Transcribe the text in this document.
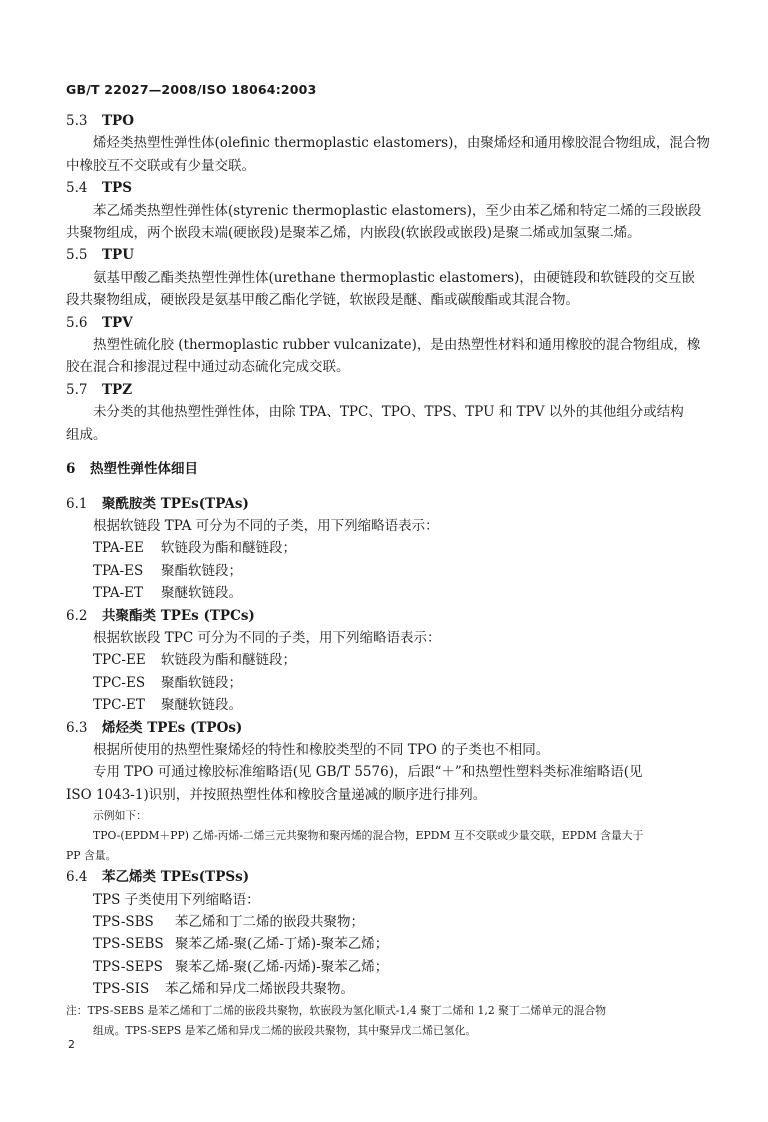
GB/T 22027—2008/ISO 18064:2003
5.3 TPO
烯烃类热塑性弹性体(olefinic thermoplastic elastomers)，由聚烯烃和通用橡胶混合物组成，混合物
中橡胶互不交联或有少量交联。
5.4 TPS
苯乙烯类热塑性弹性体(styrenic thermoplastic elastomers)，至少由苯乙烯和特定二烯的三段嵌段
共聚物组成，两个嵌段末端(硬嵌段)是聚苯乙烯，内嵌段(软嵌段或嵌段)是聚二烯或加氢聚二烯。
5.5 TPU
氨基甲酸乙酯类热塑性弹性体(urethane thermoplastic elastomers)，由硬链段和软链段的交互嵌
段共聚物组成，硬嵌段是氨基甲酸乙酯化学链，软嵌段是醚、酯或碳酸酯或其混合物。
5.6 TPV
热塑性硫化胶 (thermoplastic rubber vulcanizate)，是由热塑性材料和通用橡胶的混合物组成，橡
胶在混合和掺混过程中通过动态硫化完成交联。
5.7 TPZ
未分类的其他热塑性弹性体，由除 TPA、TPC、TPO、TPS、TPU 和 TPV 以外的其他组分或结构
组成。
6 热塑性弹性体细目
6.1 聚酰胺类 TPEs(TPAs)
根据软链段 TPA 可分为不同的子类，用下列缩略语表示：
TPA-EE 软链段为酯和醚链段；
TPA-ES 聚酯软链段；
TPA-ET 聚醚软链段。
6.2 共聚酯类 TPEs (TPCs)
根据软嵌段 TPC 可分为不同的子类，用下列缩略语表示：
TPC-EE 软链段为酯和醚链段；
TPC-ES 聚酯软链段；
TPC-ET 聚醚软链段。
6.3 烯烃类 TPEs (TPOs)
根据所使用的热塑性聚烯烃的特性和橡胶类型的不同 TPO 的子类也不相同。
专用 TPO 可通过橡胶标准缩略语(见 GB/T 5576)，后跟“＋”和热塑性塑料类标准缩略语(见
ISO 1043-1)识别，并按照热塑性体和橡胶含量递减的顺序进行排列。
示例如下：
TPO-(EPDM＋PP) 乙烯-丙烯-二烯三元共聚物和聚丙烯的混合物，EPDM 互不交联或少量交联，EPDM 含量大于
PP 含量。
6.4 苯乙烯类 TPEs(TPSs)
TPS 子类使用下列缩略语：
TPS-SBS 苯乙烯和丁二烯的嵌段共聚物；
TPS-SEBS 聚苯乙烯-聚(乙烯-丁烯)-聚苯乙烯；
TPS-SEPS 聚苯乙烯-聚(乙烯-丙烯)-聚苯乙烯；
TPS-SIS 苯乙烯和异戊二烯嵌段共聚物。
注：TPS-SEBS 是苯乙烯和丁二烯的嵌段共聚物，软嵌段为氢化顺式-1,4 聚丁二烯和 1,2 聚丁二烯单元的混合物
组成。TPS-SEPS 是苯乙烯和异戊二烯的嵌段共聚物，其中聚异戊二烯已氢化。
2
